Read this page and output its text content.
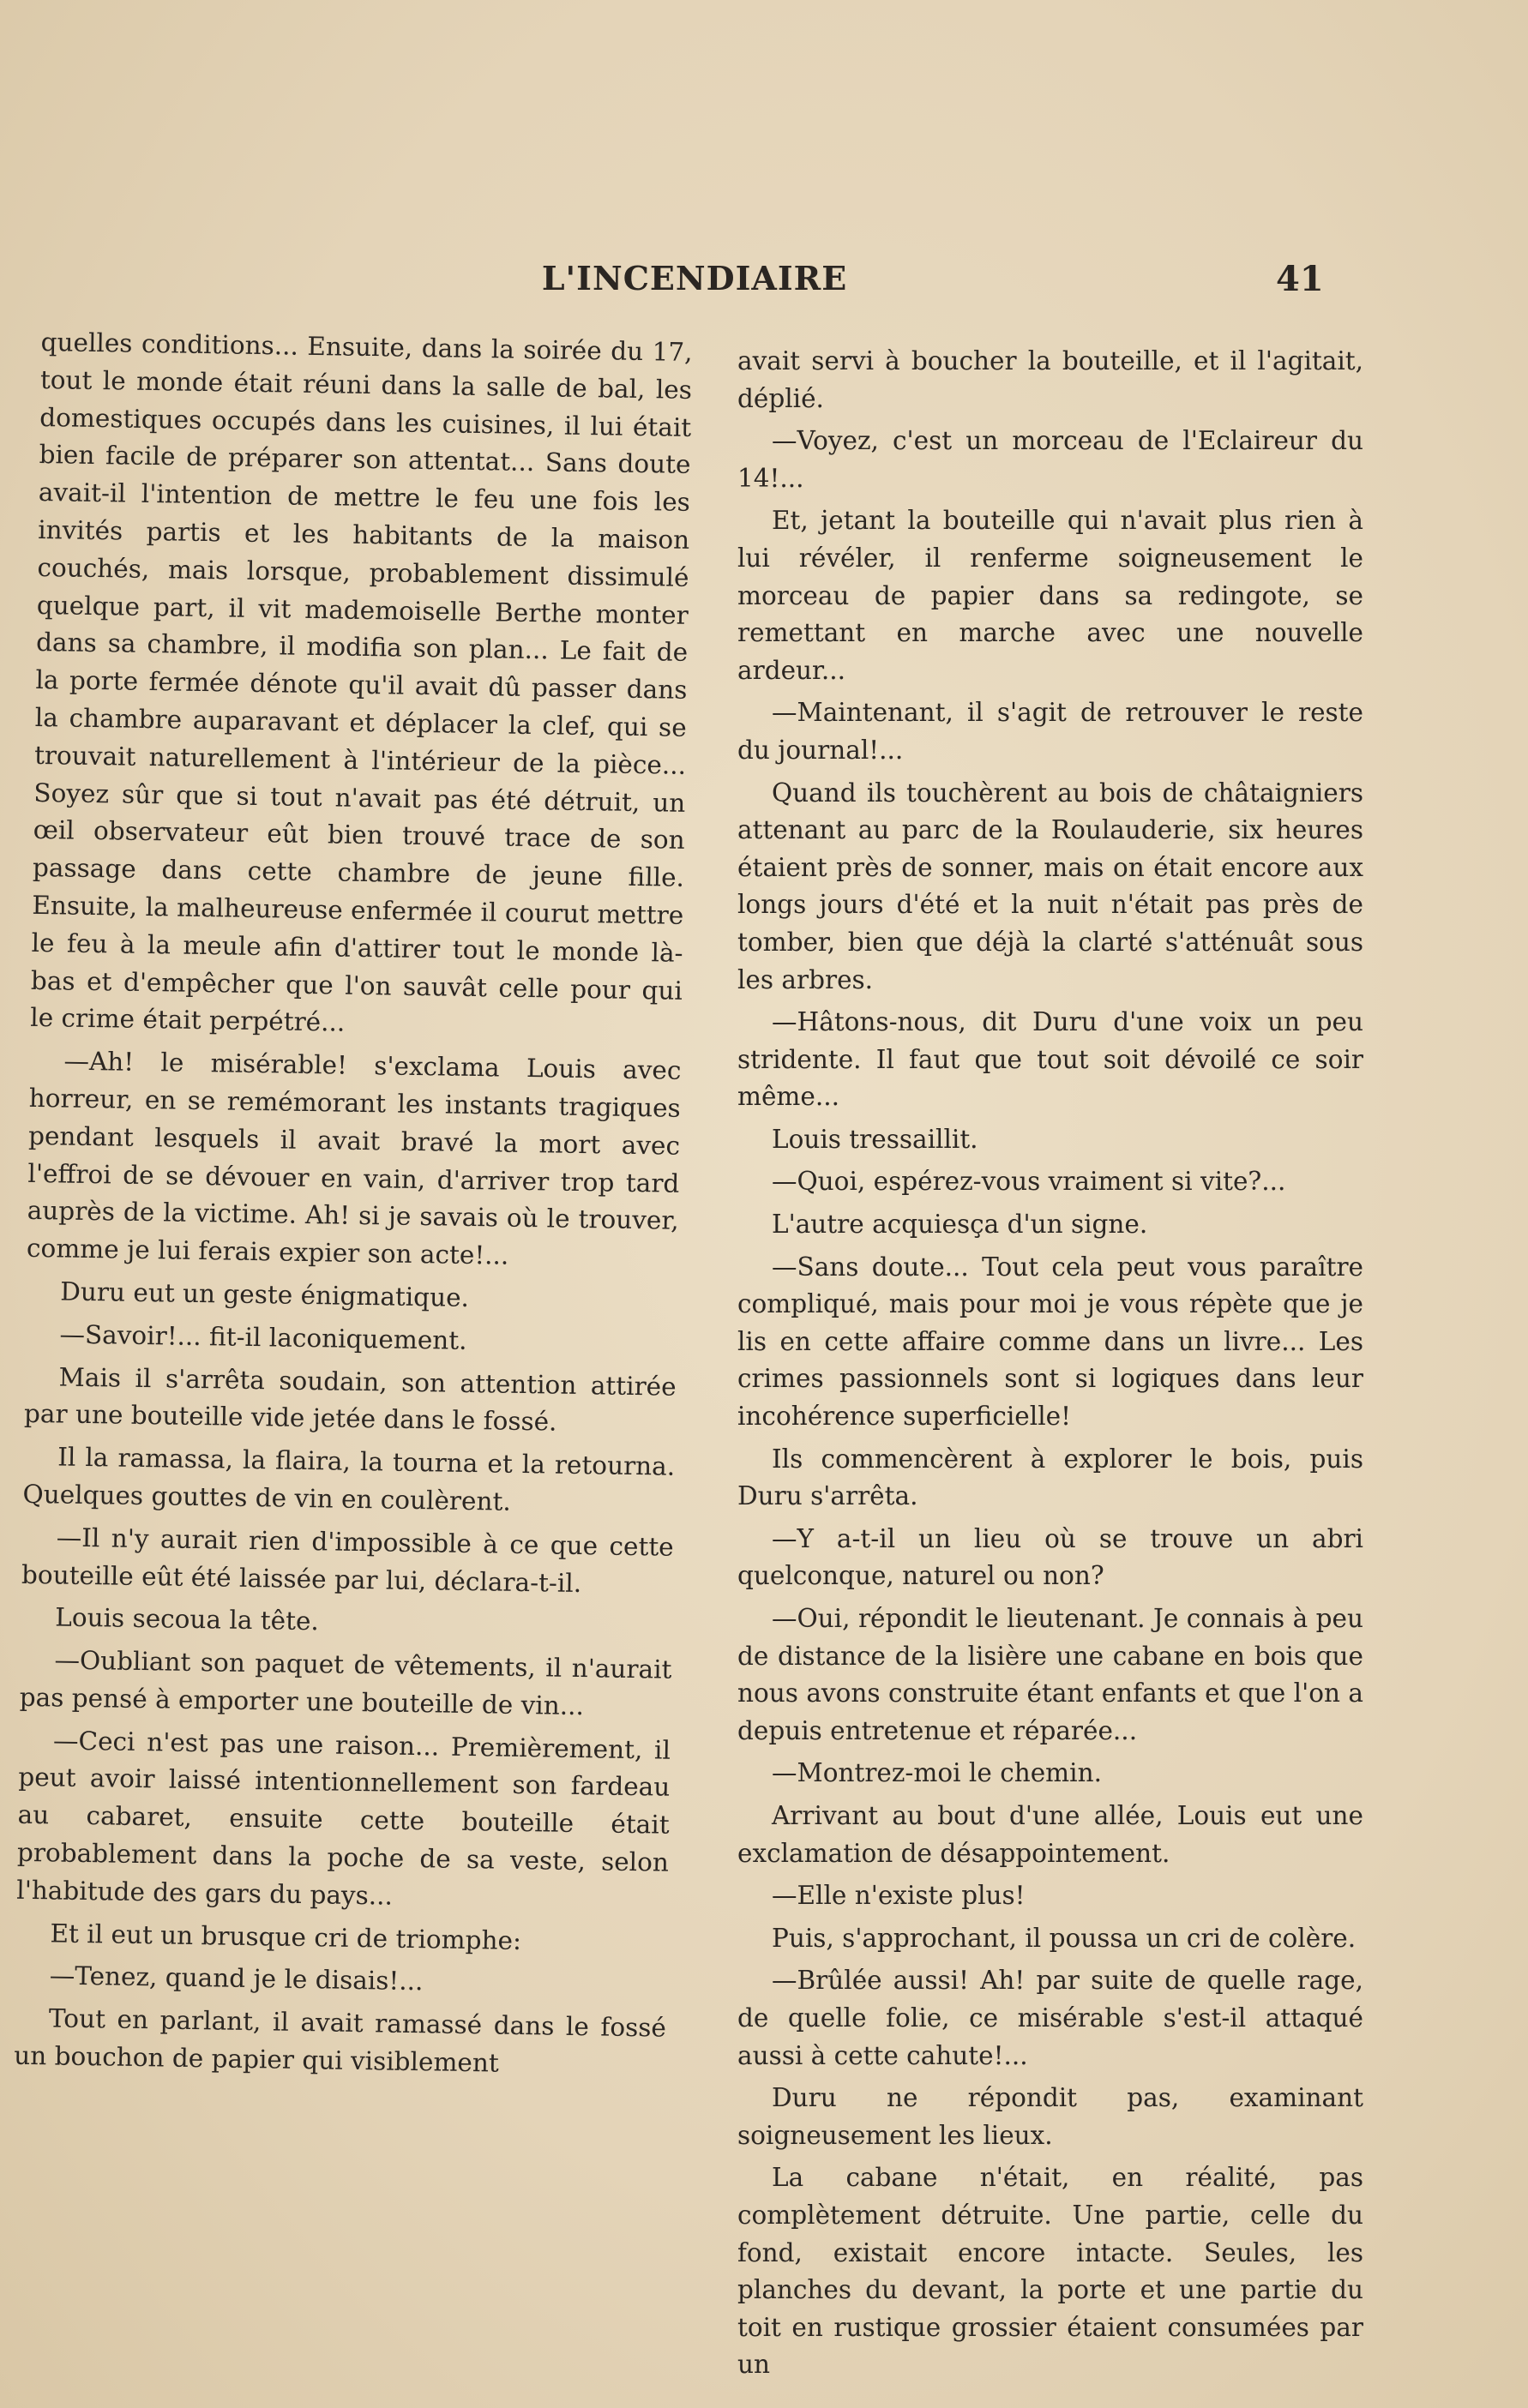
L'INCENDIAIRE	41

quelles conditions... Ensuite, dans la soirée du 17, tout le monde était réuni dans la salle de bal, les domestiques occupés dans les cuisines, il lui était bien facile de préparer son attentat... Sans doute avait-il l'intention de mettre le feu une fois les invités partis et les habitants de la maison couchés, mais lorsque, probablement dissimulé quelque part, il vit mademoiselle Berthe monter dans sa chambre, il modifia son plan... Le fait de la porte fermée dénote qu'il avait dû passer dans la chambre auparavant et déplacer la clef, qui se trouvait naturellement à l'intérieur de la pièce... Soyez sûr que si tout n'avait pas été détruit, un œil observateur eût bien trouvé trace de son passage dans cette chambre de jeune fille. Ensuite, la malheureuse enfermée il courut mettre le feu à la meule afin d'attirer tout le monde là-bas et d'empêcher que l'on sauvât celle pour qui le crime était perpétré...

—Ah! le misérable! s'exclama Louis avec horreur, en se remémorant les instants tragiques pendant lesquels il avait bravé la mort avec l'effroi de se dévouer en vain, d'arriver trop tard auprès de la victime. Ah! si je savais où le trouver, comme je lui ferais expier son acte!...

Duru eut un geste énigmatique.

—Savoir!... fit-il laconiquement.

Mais il s'arrêta soudain, son attention attirée par une bouteille vide jetée dans le fossé.

Il la ramassa, la flaira, la tourna et la retourna. Quelques gouttes de vin en coulèrent.

—Il n'y aurait rien d'impossible à ce que cette bouteille eût été laissée par lui, déclara-t-il.

Louis secoua la tête.

—Oubliant son paquet de vêtements, il n'aurait pas pensé à emporter une bouteille de vin...

—Ceci n'est pas une raison... Premièrement, il peut avoir laissé intentionnellement son fardeau au cabaret, ensuite cette bouteille était probablement dans la poche de sa veste, selon l'habitude des gars du pays...

Et il eut un brusque cri de triomphe:

—Tenez, quand je le disais!...

Tout en parlant, il avait ramassé dans le fossé un bouchon de papier qui visiblement

avait servi à boucher la bouteille, et il l'agitait, déplié.

—Voyez, c'est un morceau de l'Eclaireur du 14!...

Et, jetant la bouteille qui n'avait plus rien à lui révéler, il renferme soigneusement le morceau de papier dans sa redingote, se remettant en marche avec une nouvelle ardeur...

—Maintenant, il s'agit de retrouver le reste du journal!...

Quand ils touchèrent au bois de châtaigniers attenant au parc de la Roulauderie, six heures étaient près de sonner, mais on était encore aux longs jours d'été et la nuit n'était pas près de tomber, bien que déjà la clarté s'atténuât sous les arbres.

—Hâtons-nous, dit Duru d'une voix un peu stridente. Il faut que tout soit dévoilé ce soir même...

Louis tressaillit.

—Quoi, espérez-vous vraiment si vite?...

L'autre acquiesça d'un signe.

—Sans doute... Tout cela peut vous paraître compliqué, mais pour moi je vous répète que je lis en cette affaire comme dans un livre... Les crimes passionnels sont si logiques dans leur incohérence superficielle!

Ils commencèrent à explorer le bois, puis Duru s'arrêta.

—Y a-t-il un lieu où se trouve un abri quelconque, naturel ou non?

—Oui, répondit le lieutenant. Je connais à peu de distance de la lisière une cabane en bois que nous avons construite étant enfants et que l'on a depuis entretenue et réparée...

—Montrez-moi le chemin.

Arrivant au bout d'une allée, Louis eut une exclamation de désappointement.

—Elle n'existe plus!

Puis, s'approchant, il poussa un cri de colère.

—Brûlée aussi! Ah! par suite de quelle rage, de quelle folie, ce misérable s'est-il attaqué aussi à cette cahute!...

Duru ne répondit pas, examinant soigneusement les lieux.

La cabane n'était, en réalité, pas complètement détruite. Une partie, celle du fond, existait encore intacte. Seules, les planches du devant, la porte et une partie du toit en rustique grossier étaient consumées par un
